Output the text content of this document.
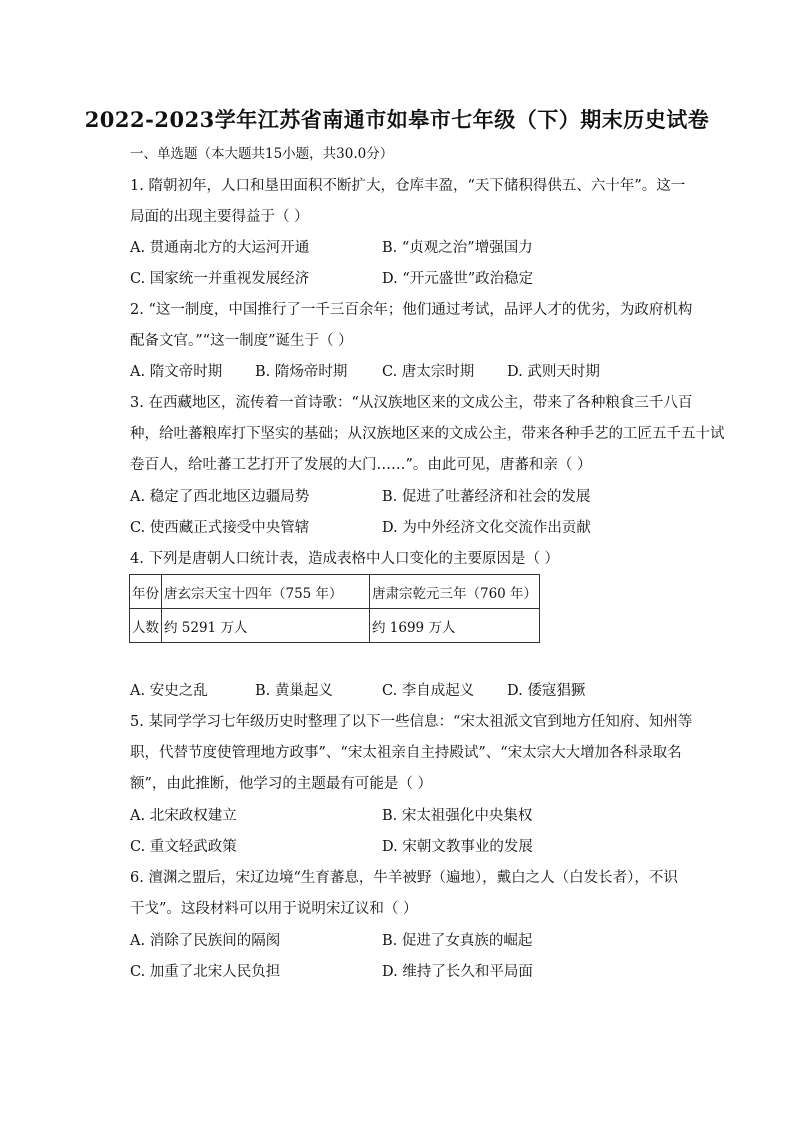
2022-2023学年江苏省南通市如皋市七年级（下）期末历史试卷
一、单选题（本大题共15小题，共30.0分）
1. 隋朝初年，人口和垦田面积不断扩大，仓库丰盈，“天下储积得供五、六十年”。这一
局面的出现主要得益于（ ）
A. 贯通南北方的大运河开通	B. “贞观之治”增强国力
C. 国家统一并重视发展经济	D. “开元盛世”政治稳定
2. “这一制度，中国推行了一千三百余年；他们通过考试，品评人才的优劣，为政府机构
配备文官。”“这一制度”诞生于（ ）
A. 隋文帝时期 B. 隋炀帝时期 C. 唐太宗时期 D. 武则天时期
3. 在西藏地区，流传着一首诗歌：“从汉族地区来的文成公主，带来了各种粮食三千八百
种，给吐蕃粮库打下坚实的基础；从汉族地区来的文成公主，带来各种手艺的工匠五千五十试
卷百人，给吐蕃工艺打开了发展的大门……”。由此可见，唐蕃和亲（ ）
A. 稳定了西北地区边疆局势	B. 促进了吐蕃经济和社会的发展
C. 使西藏正式接受中央管辖	D. 为中外经济文化交流作出贡献
4. 下列是唐朝人口统计表，造成表格中人口变化的主要原因是（ ）
年份	唐玄宗天宝十四年（755 年）	唐肃宗乾元三年（760 年）
人数	约 5291 万人	约 1699 万人
A. 安史之乱	B. 黄巢起义	C. 李自成起义 D. 倭寇猖獗
5. 某同学学习七年级历史时整理了以下一些信息：“宋太祖派文官到地方任知府、知州等
职，代替节度使管理地方政事”、“宋太祖亲自主持殿试”、“宋太宗大大增加各科录取名
额”，由此推断，他学习的主题最有可能是（ ）
A. 北宋政权建立	B. 宋太祖强化中央集权
C. 重文轻武政策	D. 宋朝文教事业的发展
6. 澶渊之盟后，宋辽边境“生育蕃息，牛羊被野（遍地），戴白之人（白发长者），不识
干戈”。这段材料可以用于说明宋辽议和（ ）
A. 消除了民族间的隔阂	B. 促进了女真族的崛起
C. 加重了北宋人民负担	D. 维持了长久和平局面
